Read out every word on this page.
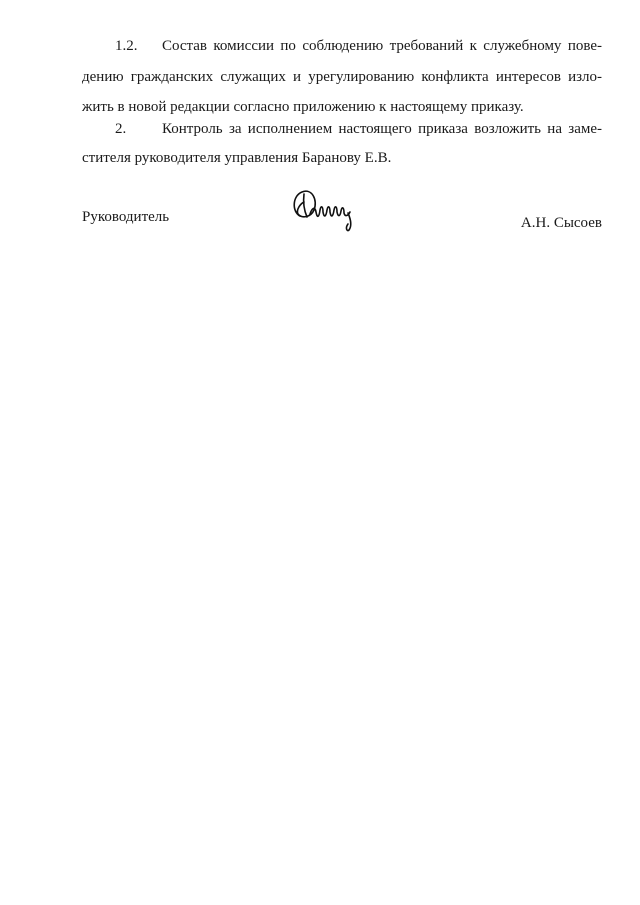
1.2. Состав комиссии по соблюдению требований к служебному пове-
дению гражданских служащих и урегулированию конфликта интересов изло-
жить в новой редакции согласно приложению к настоящему приказу.
2. Контроль за исполнением настоящего приказа возложить на заме-
стителя руководителя управления Баранову Е.В.
Руководитель	А.Н. Сысоев
